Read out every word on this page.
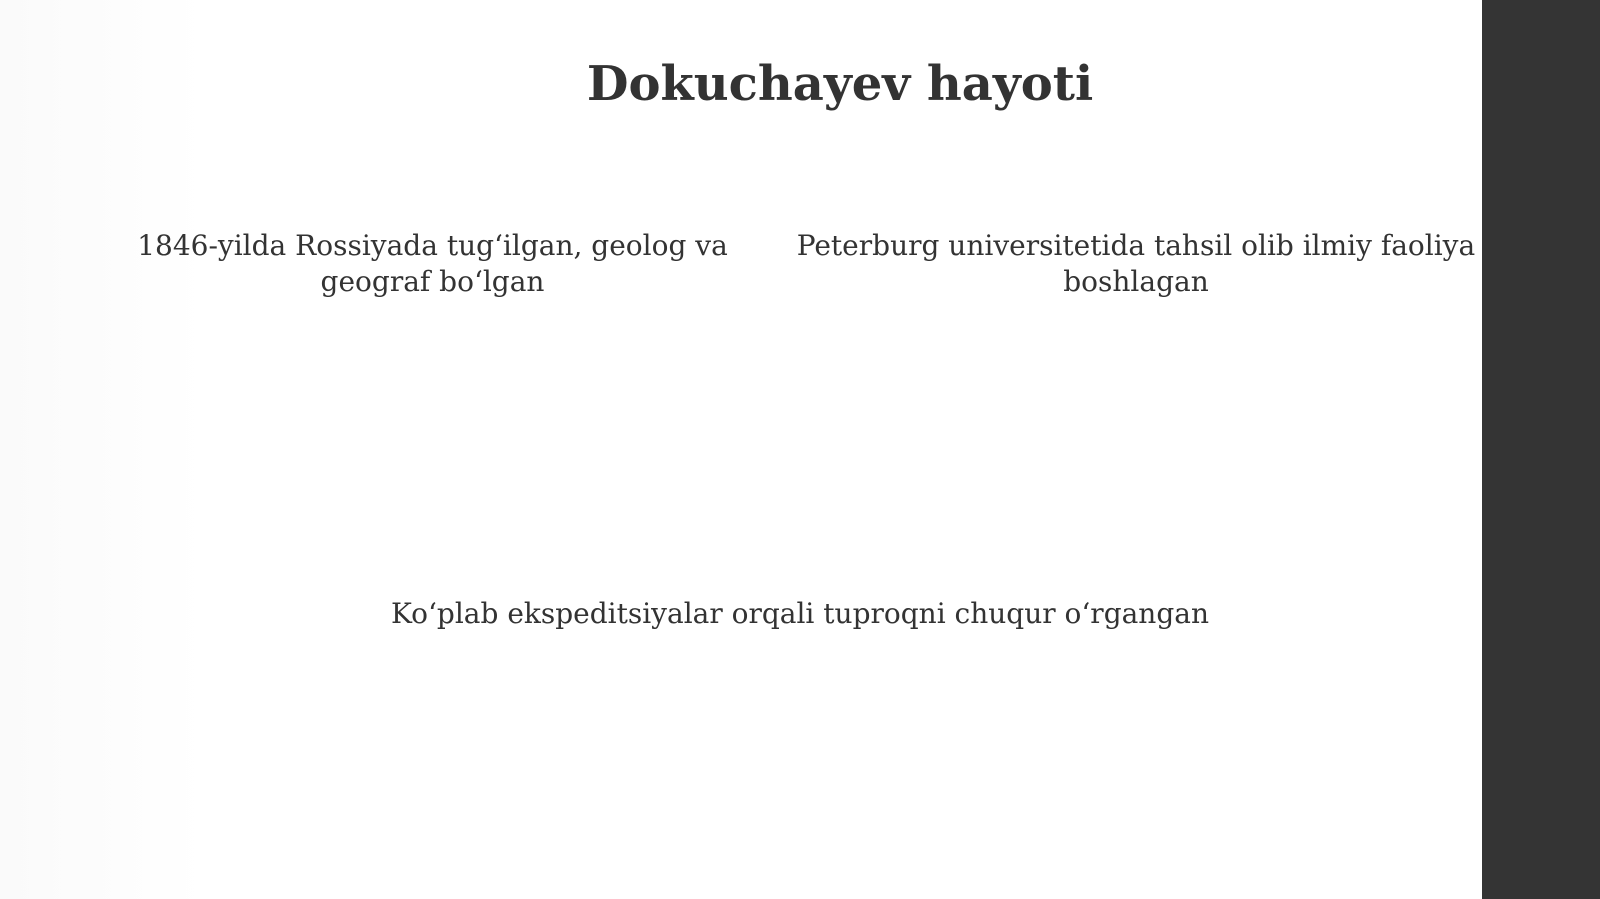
Dokuchayev hayoti

1846-yilda Rossiyada tug‘ilgan, geolog va geograf bo‘lgan

Peterburg universitetida tahsil olib ilmiy faoliya
boshlagan

Ko‘plab ekspeditsiyalar orqali tuproqni chuqur o‘rgangan
